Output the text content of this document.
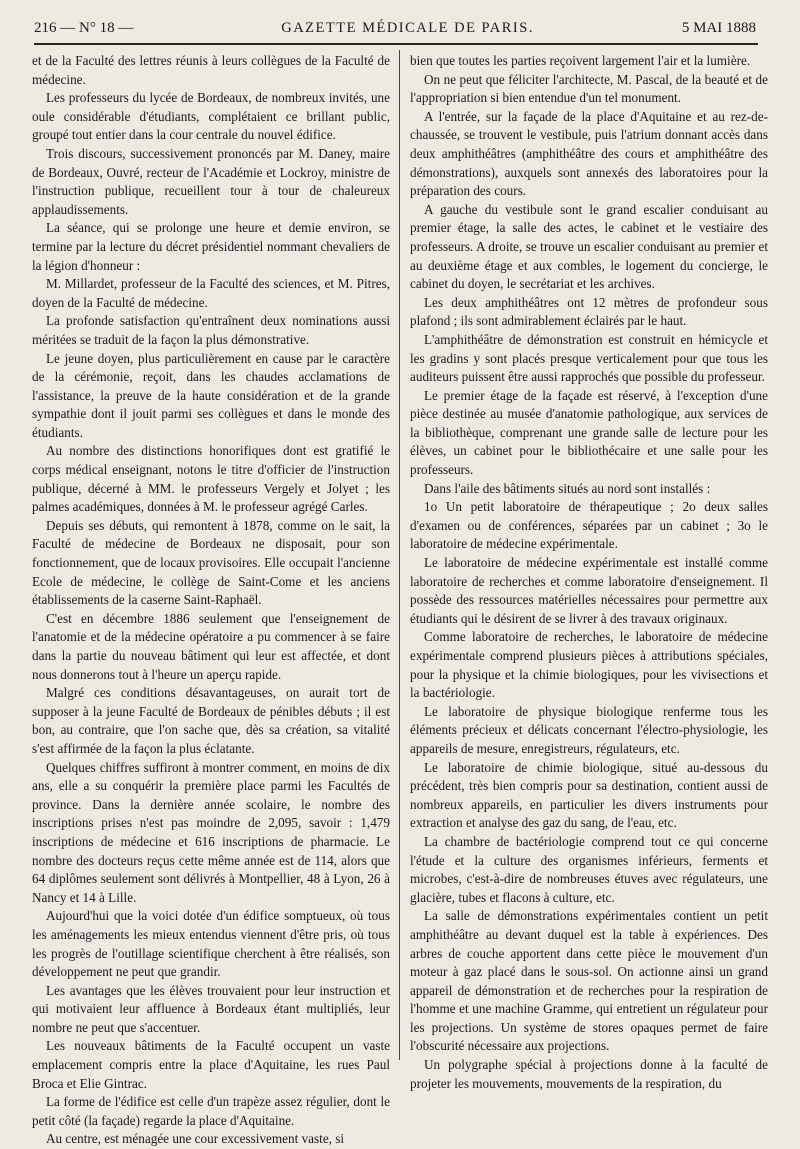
216 — N° 18 —	GAZETTE MÉDICALE DE PARIS.	5 MAI 1888

et de la Faculté des lettres réunis à leurs collègues de la Faculté de médecine.

Les professeurs du lycée de Bordeaux, de nombreux invités, une oule considérable d'étudiants, complétaient ce brillant public, groupé tout entier dans la cour centrale du nouvel édifice.

Trois discours, successivement prononcés par M. Daney, maire de Bordeaux, Ouvré, recteur de l'Académie et Lockroy, ministre de l'instruction publique, recueillent tour à tour de chaleureux applaudissements.

La séance, qui se prolonge une heure et demie environ, se termine par la lecture du décret présidentiel nommant chevaliers de la légion d'honneur :

M. Millardet, professeur de la Faculté des sciences, et M. Pitres, doyen de la Faculté de médecine.

La profonde satisfaction qu'entraînent deux nominations aussi méritées se traduit de la façon la plus démonstrative.

Le jeune doyen, plus particulièrement en cause par le caractère de la cérémonie, reçoit, dans les chaudes acclamations de l'assistance, la preuve de la haute considération et de la grande sympathie dont il jouit parmi ses collègues et dans le monde des étudiants.

Au nombre des distinctions honorifiques dont est gratifié le corps médical enseignant, notons le titre d'officier de l'instruction publique, décerné à MM. le professeurs Vergely et Jolyet ; les palmes académiques, données à M. le professeur agrégé Carles.

Depuis ses débuts, qui remontent à 1878, comme on le sait, la Faculté de médecine de Bordeaux ne disposait, pour son fonctionnement, que de locaux provisoires. Elle occupait l'ancienne Ecole de médecine, le collège de Saint-Come et les anciens établissements de la caserne Saint-Raphaël.

C'est en décembre 1886 seulement que l'enseignement de l'anatomie et de la médecine opératoire a pu commencer à se faire dans la partie du nouveau bâtiment qui leur est affectée, et dont nous donnerons tout à l'heure un aperçu rapide.

Malgré ces conditions désavantageuses, on aurait tort de supposer à la jeune Faculté de Bordeaux de pénibles débuts ; il est bon, au contraire, que l'on sache que, dès sa création, sa vitalité s'est affirmée de la façon la plus éclatante.

Quelques chiffres suffiront à montrer comment, en moins de dix ans, elle a su conquérir la première place parmi les Facultés de province. Dans la dernière année scolaire, le nombre des inscriptions prises n'est pas moindre de 2,095, savoir : 1,479 inscriptions de médecine et 616 inscriptions de pharmacie. Le nombre des docteurs reçus cette même année est de 114, alors que 64 diplômes seulement sont délivrés à Montpellier, 48 à Lyon, 26 à Nancy et 14 à Lille.

Aujourd'hui que la voici dotée d'un édifice somptueux, où tous les aménagements les mieux entendus viennent d'être pris, où tous les progrès de l'outillage scientifique cherchent à être réalisés, son développement ne peut que grandir.

Les avantages que les élèves trouvaient pour leur instruction et qui motivaient leur affluence à Bordeaux étant multipliés, leur nombre ne peut que s'accentuer.

Les nouveaux bâtiments de la Faculté occupent un vaste emplacement compris entre la place d'Aquitaine, les rues Paul Broca et Elie Gintrac.

La forme de l'édifice est celle d'un trapèze assez régulier, dont le petit côté (la façade) regarde la place d'Aquitaine.

Au centre, est ménagée une cour excessivement vaste, si

bien que toutes les parties reçoivent largement l'air et la lumière.

On ne peut que féliciter l'architecte, M. Pascal, de la beauté et de l'appropriation si bien entendue d'un tel monument.

A l'entrée, sur la façade de la place d'Aquitaine et au rez-de-chaussée, se trouvent le vestibule, puis l'atrium donnant accès dans deux amphithéâtres (amphithéâtre des cours et amphithéâtre des démonstrations), auxquels sont annexés des laboratoires pour la préparation des cours.

A gauche du vestibule sont le grand escalier conduisant au premier étage, la salle des actes, le cabinet et le vestiaire des professeurs. A droite, se trouve un escalier conduisant au premier et au deuxième étage et aux combles, le logement du concierge, le cabinet du doyen, le secrétariat et les archives.

Les deux amphithéâtres ont 12 mètres de profondeur sous plafond ; ils sont admirablement éclairés par le haut.

L'amphithéâtre de démonstration est construit en hémicycle et les gradins y sont placés presque verticalement pour que tous les auditeurs puissent être aussi rapprochés que possible du professeur.

Le premier étage de la façade est réservé, à l'exception d'une pièce destinée au musée d'anatomie pathologique, aux services de la bibliothèque, comprenant une grande salle de lecture pour les élèves, un cabinet pour le bibliothécaire et une salle pour les professeurs.

Dans l'aile des bâtiments situés au nord sont installés :

1o Un petit laboratoire de thérapeutique ; 2o deux salles d'examen ou de conférences, séparées par un cabinet ; 3o le laboratoire de médecine expérimentale.

Le laboratoire de médecine expérimentale est installé comme laboratoire de recherches et comme laboratoire d'enseignement. Il possède des ressources matérielles nécessaires pour permettre aux étudiants qui le désirent de se livrer à des travaux originaux.

Comme laboratoire de recherches, le laboratoire de médecine expérimentale comprend plusieurs pièces à attributions spéciales, pour la physique et la chimie biologiques, pour les vivisections et la bactériologie.

Le laboratoire de physique biologique renferme tous les éléments précieux et délicats concernant l'électro-physiologie, les appareils de mesure, enregistreurs, régulateurs, etc.

Le laboratoire de chimie biologique, situé au-dessous du précédent, très bien compris pour sa destination, contient aussi de nombreux appareils, en particulier les divers instruments pour extraction et analyse des gaz du sang, de l'eau, etc.

La chambre de bactériologie comprend tout ce qui concerne l'étude et la culture des organismes inférieurs, ferments et microbes, c'est-à-dire de nombreuses étuves avec régulateurs, une glacière, tubes et flacons à culture, etc.

La salle de démonstrations expérimentales contient un petit amphithéâtre au devant duquel est la table à expériences. Des arbres de couche apportent dans cette pièce le mouvement d'un moteur à gaz placé dans le sous-sol. On actionne ainsi un grand appareil de démonstration et de recherches pour la respiration de l'homme et une machine Gramme, qui entretient un régulateur pour les projections. Un système de stores opaques permet de faire l'obscurité nécessaire aux projections.

Un polygraphe spécial à projections donne à la faculté de projeter les mouvements, mouvements de la respiration, du
